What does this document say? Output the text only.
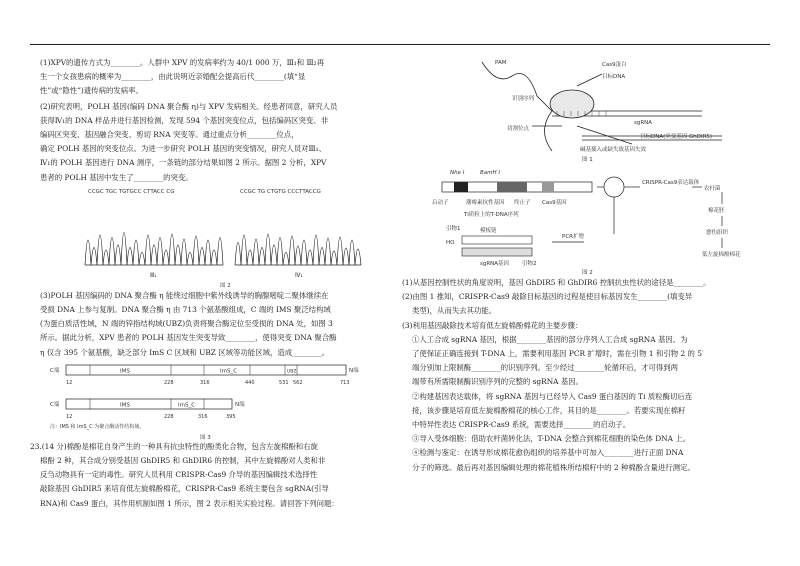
(1)XPV的遗传方式为________。人群中 XPV 的发病率约为 40/1 000 万，Ⅲ₁和 Ⅲ₂再

生一个女孩患病的概率为________，由此说明近亲婚配会提高后代________(填“显

性”或“隐性”)遗传病的发病率。

(2)研究表明，POLH 基因(编码 DNA 聚合酶 η)与 XPV 发病相关。经患者同意，研究人员

获得Ⅳ₁的 DNA 样品并进行基因检测，发现 594 个基因突变位点，包括编码区突变、非

编码区突变、基因融合突变、剪切 RNA 突变等。通过重点分析________位点，

确定 POLH 基因的突变位点。为进一步研究 POLH 基因的突变情况，研究人员对Ⅲ₁、

Ⅳ₁的 POLH 基因进行 DNA 测序，一条链的部分结果如图 2 所示。据图 2 分析，XPV

患者的 POLH 基因中发生了________的突变。

CCGC TGC TGTGCC CTTACC CG	CCGC TG CTGTG CCCTTACCG
Ⅲ₁	Ⅳ₁
图 2

(3)POLH 基因编码的 DNA 聚合酶 η 能绕过细胞中紫外线诱导的胸腺嘧啶二聚体继续在

受损 DNA 上参与复制。DNA 聚合酶 η 由 713 个氨基酸组成，C 端的 IMS 聚泛结构域

(为蛋白质活性域，N 端的锌指结构域(UBZ)负责将聚合酶定位至受损的 DNA 处，如图 3

所示。据此分析，XPV 患者的 POLH 基因发生突变导致________，使得突变 DNA 聚合酶

η 仅含 395 个氨基酸，缺乏部分 ImS C 区域和 UBZ 区域等功能区域，造成________。

C端	IMS	ImS_C	UBZ	N端
12	228	316	440	531 562	713
C端	IMS	ImS_C	N端
12	228	316	395
注：IMS 和 ImS_C 为聚合酶活性结构域。
图 3

23.(14 分)棉酚是棉花自身产生的一种具有抗虫特性的酚类化合物，包含左旋棉酚和右旋

棉酚 2 种，其合成分别受基因 GhDIR5 和 GhDIR6 的控制，其中左旋棉酚对人类和非

反刍动物具有一定的毒性。研究人员利用 CRISPR-Cas9 介导的基因编辑技术选择性

敲除基因 GhDIR5 来培育低左旋棉酚棉花，CRISPR-Cas9 系统主要包含 sgRNA(引导

RNA)和 Cas9 蛋白，其作用机制如图 1 所示，图 2 表示相关实验过程。请回答下列问题：

PAM	Cas9蛋白
目标DNA
识别序列
sgRNA
切割位点
目标DNA(突变基因 GhDIR5)
碱基插入或缺失致基因失效
图 1
Nhe Ⅰ	BamH Ⅰ
启动子	潮霉素抗性基因 终止子 Cas9基因
Ti质粒上的T-DNA序列
CRISPR-Cas9表达载体
农杆菌
棉花胚
愈伤组织
低左旋棉酚棉花
引物1
HO
模板链
sgRNA基因 引物2
PCR扩增
图 2

(1)从基因控制性状的角度说明，基因 GhDIR5 和 GhDIR6 控制抗虫性状的途径是________。

(2)由图 1 推知，CRISPR-Cas9 敲除目标基因的过程是使目标基因发生________(填变异

类型)，从而失去其功能。

(3)利用基因敲除技术培育低左旋棉酚棉花的主要步骤：

①人工合成 sgRNA 基因，根据________基因的部分序列人工合成 sgRNA 基因。为

了使保证正确连接到 T-DNA 上，需要利用基因 PCR 扩增时，需在引物 1 和引物 2 的 5′

端分别加上限制酶________的识别序列。至少经过________轮循环后，才可得到两

端带有所需限制酶识别序列的完整的 sgRNA 基因。

②构建基因表达载体，将 sgRNA 基因与已经导入 Cas9 蛋白基因的 Ti 质粒酶切后连

接，该步骤是培育低左旋棉酚棉花的核心工作，其目的是________。若要实现在棉籽

中特异性表达 CRISPR-Cas9 系统，需要选择________的启动子。

③导入受体细胞：借助农杆菌转化法，T-DNA 会整合到棉花细胞的染色体 DNA 上。

④检测与鉴定：在诱导形成棉花愈伤组织的培养基中可加入________进行正面 DNA

分子的筛选。最后再对基因编辑处理的棉花植株所结棉籽中的 2 种棉酚含量进行测定。
